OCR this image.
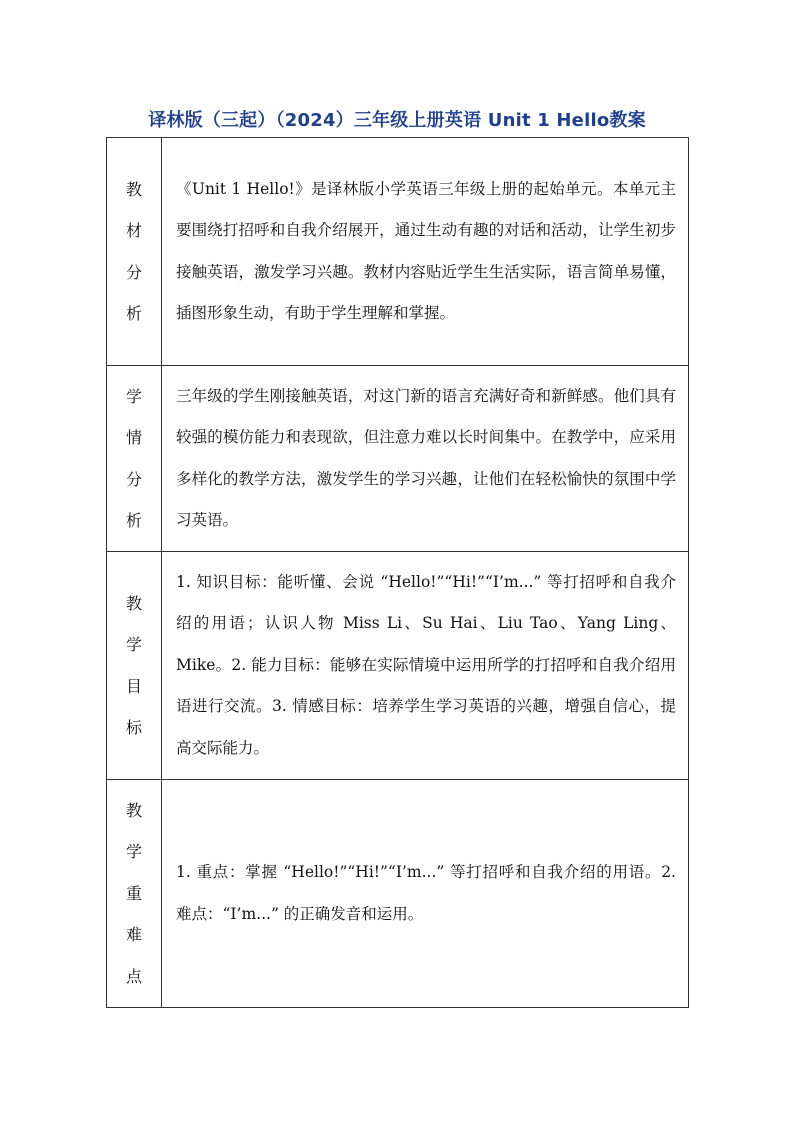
译林版（三起）（2024）三年级上册英语 Unit 1 Hello教案
教
材
分
析	《Unit 1 Hello!》是译林版小学英语三年级上册的起始单元。本单元主要围绕打招呼和自我介绍展开，通过生动有趣的对话和活动，让学生初步接触英语，激发学习兴趣。教材内容贴近学生生活实际，语言简单易懂，插图形象生动，有助于学生理解和掌握。

学
情
分
析	三年级的学生刚接触英语，对这门新的语言充满好奇和新鲜感。他们具有较强的模仿能力和表现欲，但注意力难以长时间集中。在教学中，应采用多样化的教学方法，激发学生的学习兴趣，让他们在轻松愉快的氛围中学习英语。

教
学
目
标	1. 知识目标：能听懂、会说 “Hello!”“Hi!”“I’m...” 等打招呼和自我介绍的用语；认识人物 Miss Li、Su Hai、Liu Tao、Yang Ling、Mike。2. 能力目标：能够在实际情境中运用所学的打招呼和自我介绍用语进行交流。3. 情感目标：培养学生学习英语的兴趣，增强自信心，提高交际能力。

教
学
重
难
点	1. 重点：掌握 “Hello!”“Hi!”“I’m...” 等打招呼和自我介绍的用语。2. 难点：“I’m...” 的正确发音和运用。
